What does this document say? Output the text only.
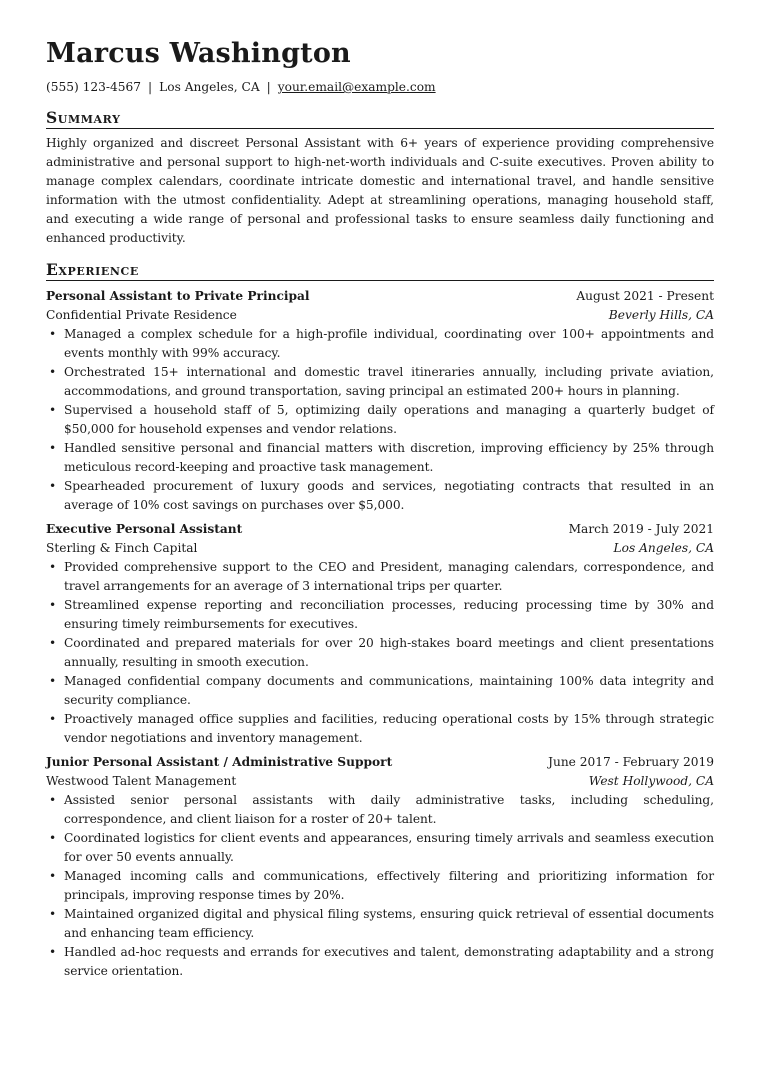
Marcus Washington
(555) 123-4567 | Los Angeles, CA | your.email@example.com
Summary
Highly organized and discreet Personal Assistant with 6+ years of experience providing comprehensive administrative and personal support to high-net-worth individuals and C-suite executives. Proven ability to manage complex calendars, coordinate intricate domestic and international travel, and handle sensitive information with the utmost confidentiality. Adept at streamlining operations, managing household staff, and executing a wide range of personal and professional tasks to ensure seamless daily functioning and enhanced productivity.
Experience
Personal Assistant to Private Principal	August 2021 - Present
Confidential Private Residence	Beverly Hills, CA
• Managed a complex schedule for a high-profile individual, coordinating over 100+ appointments and events monthly with 99% accuracy.
• Orchestrated 15+ international and domestic travel itineraries annually, including private aviation, accommodations, and ground transportation, saving principal an estimated 200+ hours in planning.
• Supervised a household staff of 5, optimizing daily operations and managing a quarterly budget of $50,000 for household expenses and vendor relations.
• Handled sensitive personal and financial matters with discretion, improving efficiency by 25% through meticulous record-keeping and proactive task management.
• Spearheaded procurement of luxury goods and services, negotiating contracts that resulted in an average of 10% cost savings on purchases over $5,000.
Executive Personal Assistant	March 2019 - July 2021
Sterling & Finch Capital	Los Angeles, CA
• Provided comprehensive support to the CEO and President, managing calendars, correspondence, and travel arrangements for an average of 3 international trips per quarter.
• Streamlined expense reporting and reconciliation processes, reducing processing time by 30% and ensuring timely reimbursements for executives.
• Coordinated and prepared materials for over 20 high-stakes board meetings and client presentations annually, resulting in smooth execution.
• Managed confidential company documents and communications, maintaining 100% data integrity and security compliance.
• Proactively managed office supplies and facilities, reducing operational costs by 15% through strategic vendor negotiations and inventory management.
Junior Personal Assistant / Administrative Support	June 2017 - February 2019
Westwood Talent Management	West Hollywood, CA
• Assisted senior personal assistants with daily administrative tasks, including scheduling, correspondence, and client liaison for a roster of 20+ talent.
• Coordinated logistics for client events and appearances, ensuring timely arrivals and seamless execution for over 50 events annually.
• Managed incoming calls and communications, effectively filtering and prioritizing information for principals, improving response times by 20%.
• Maintained organized digital and physical filing systems, ensuring quick retrieval of essential documents and enhancing team efficiency.
• Handled ad-hoc requests and errands for executives and talent, demonstrating adaptability and a strong service orientation.
